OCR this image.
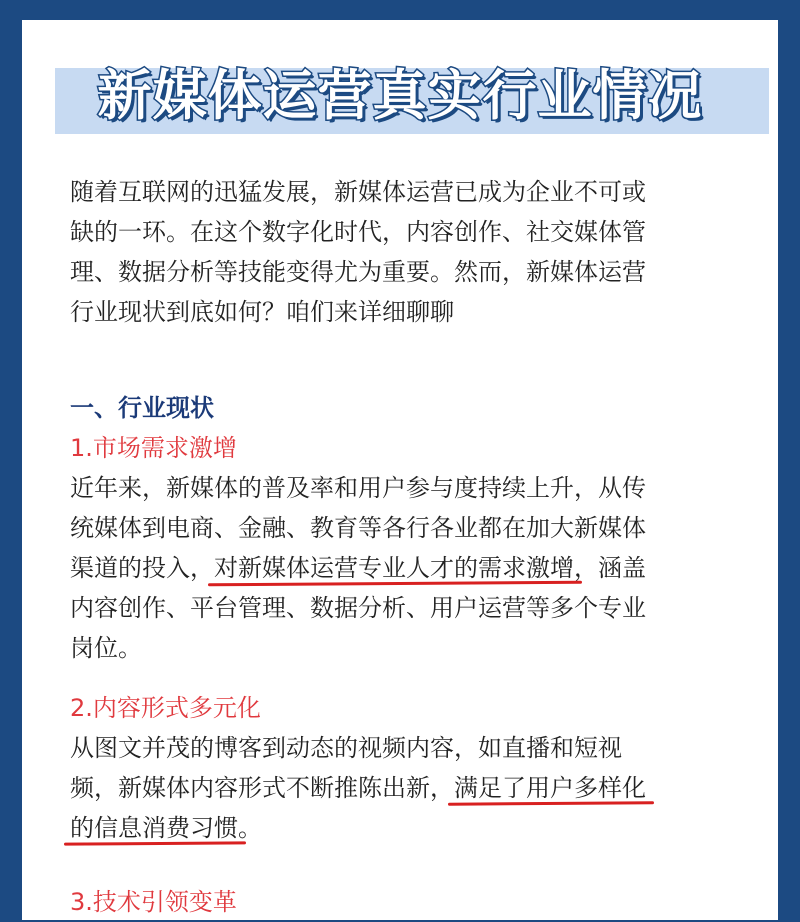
新媒体运营真实行业情况
随着互联网的迅猛发展，新媒体运营已成为企业不可或
缺的一环。在这个数字化时代，内容创作、社交媒体管
理、数据分析等技能变得尤为重要。然而，新媒体运营
行业现状到底如何？咱们来详细聊聊
一、行业现状
1.市场需求激增
近年来，新媒体的普及率和用户参与度持续上升，从传
统媒体到电商、金融、教育等各行各业都在加大新媒体
渠道的投入，对新媒体运营专业人才的需求激增，涵盖
内容创作、平台管理、数据分析、用户运营等多个专业
岗位。
2.内容形式多元化
从图文并茂的博客到动态的视频内容，如直播和短视
频，新媒体内容形式不断推陈出新，满足了用户多样化
的信息消费习惯。
3.技术引领变革
